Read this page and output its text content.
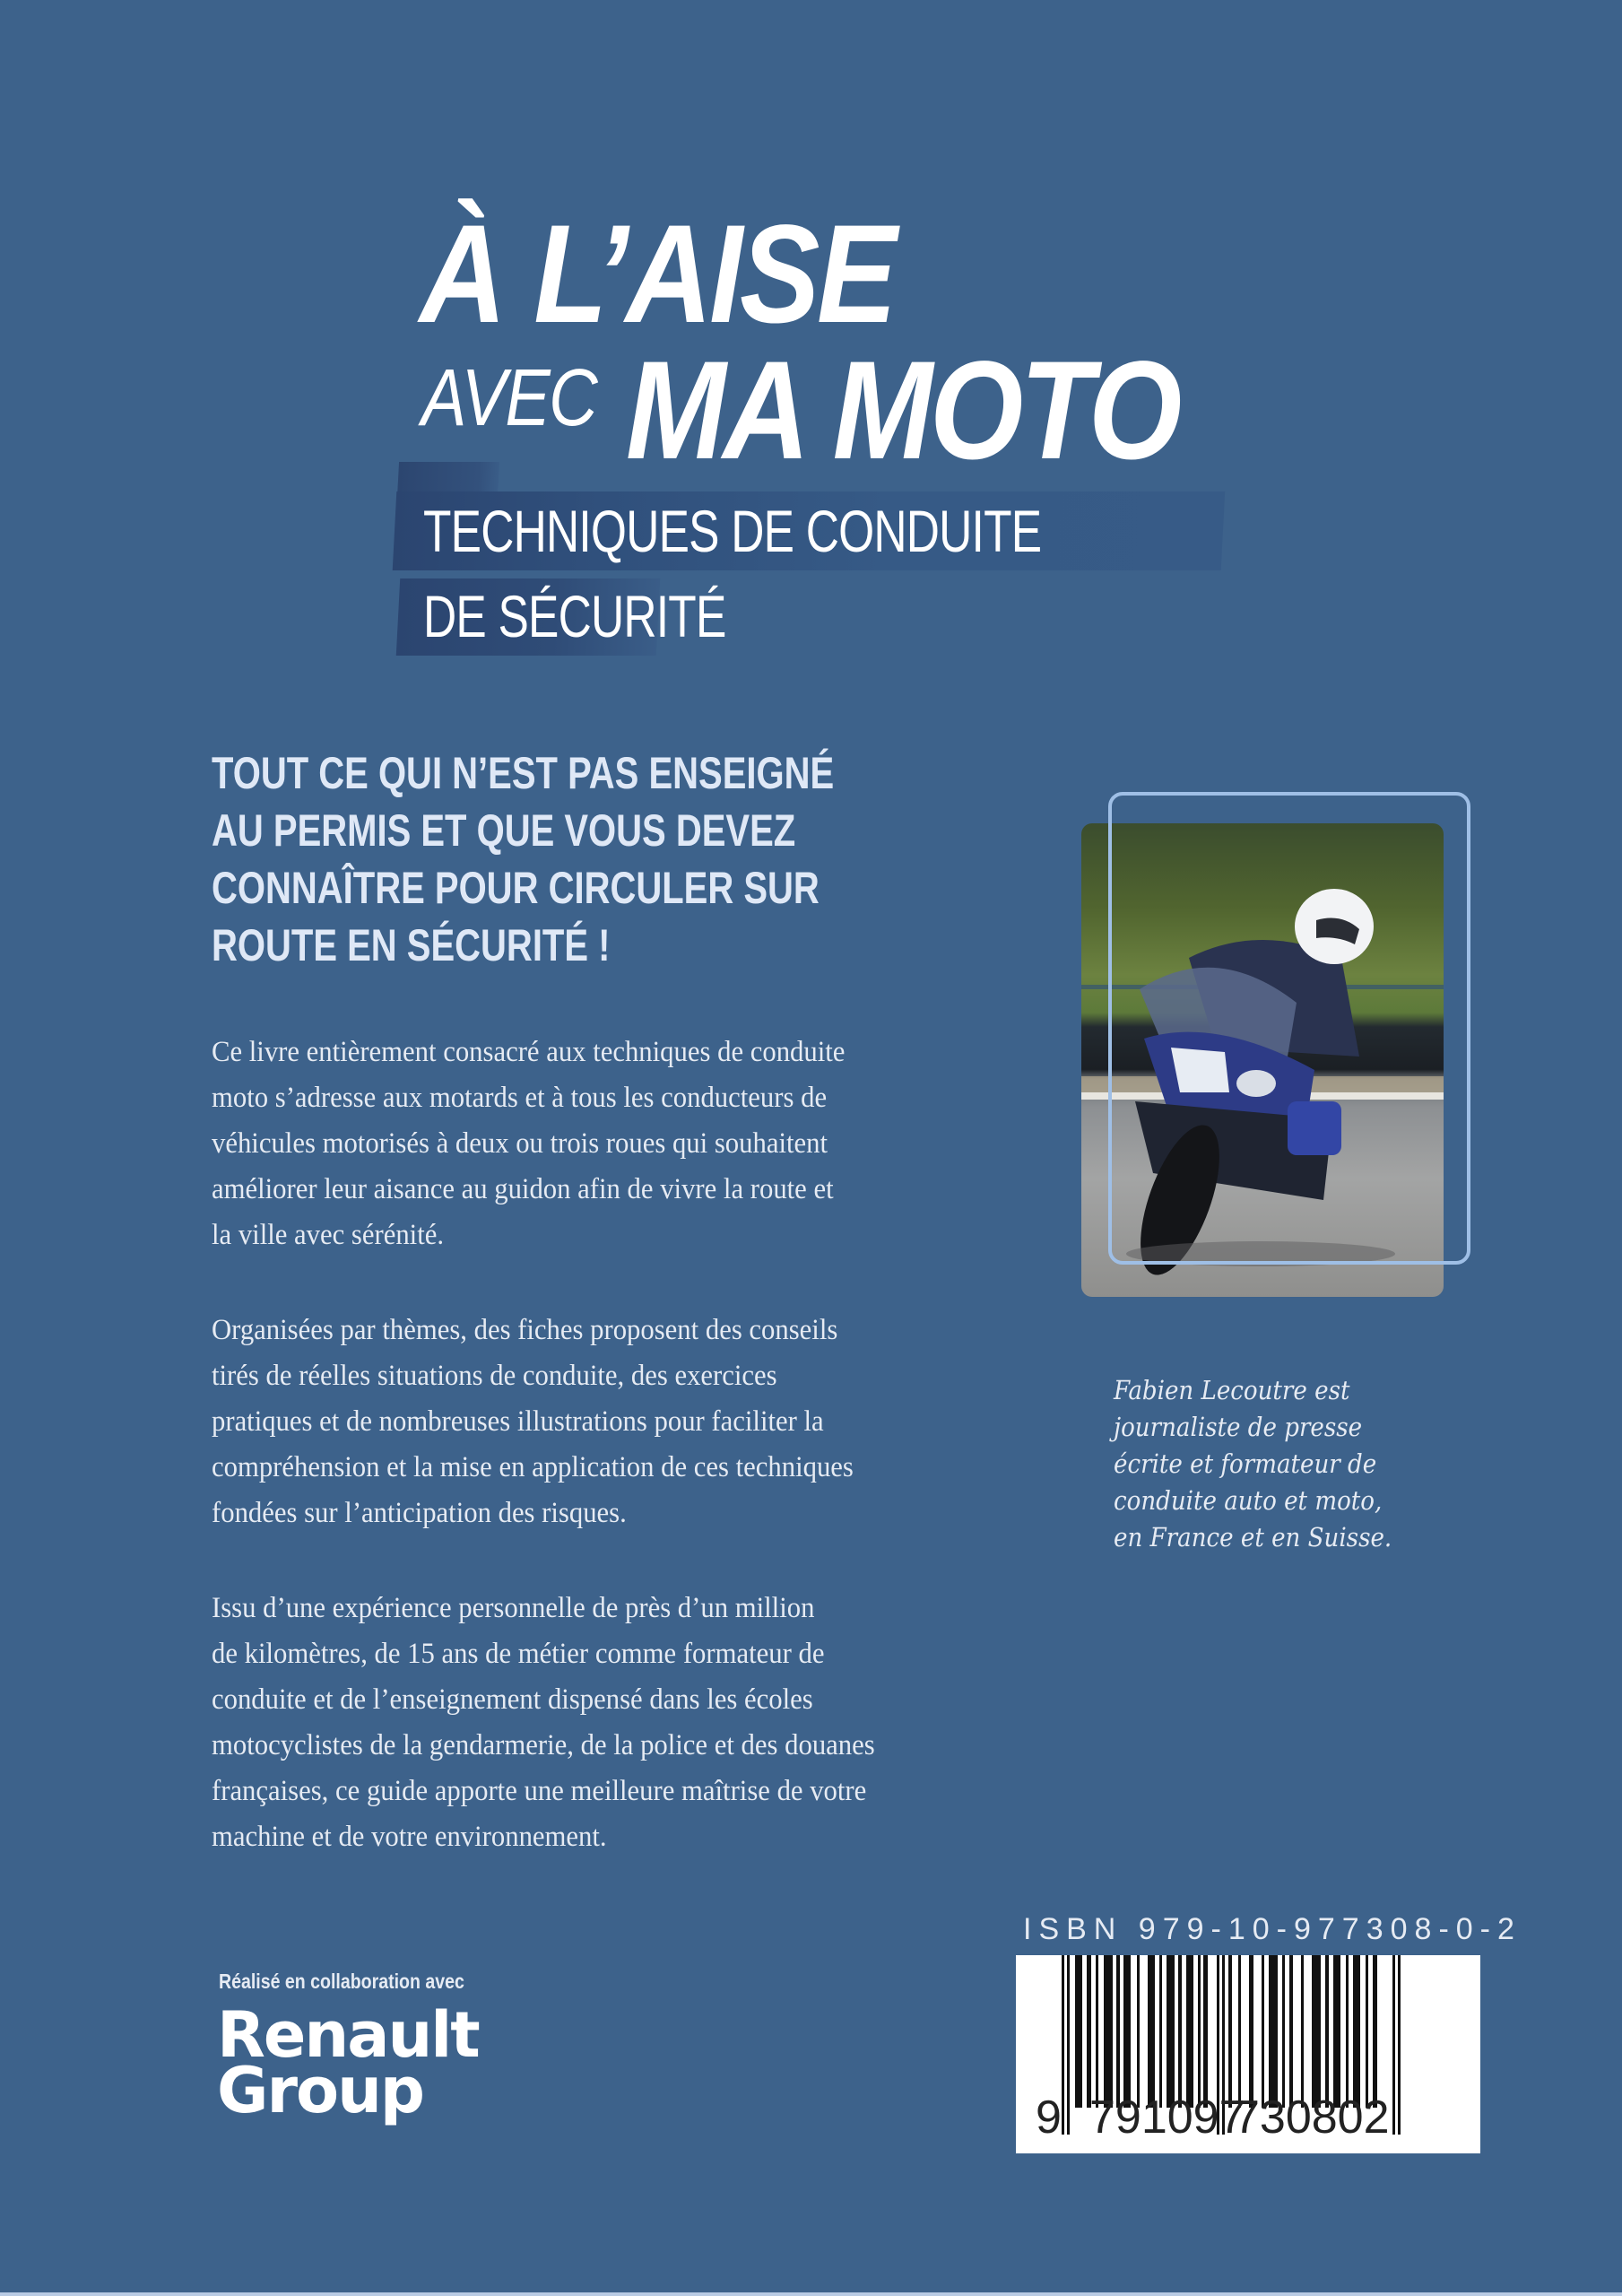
À L’AISE
AVEC MA MOTO
TECHNIQUES DE CONDUITE
DE SÉCURITÉ
TOUT CE QUI N’EST PAS ENSEIGNÉ
AU PERMIS ET QUE VOUS DEVEZ
CONNAÎTRE POUR CIRCULER SUR
ROUTE EN SÉCURITÉ !
Ce livre entièrement consacré aux techniques de conduite
moto s’adresse aux motards et à tous les conducteurs de
véhicules motorisés à deux ou trois roues qui souhaitent
améliorer leur aisance au guidon afin de vivre la route et
la ville avec sérénité.
Organisées par thèmes, des fiches proposent des conseils
tirés de réelles situations de conduite, des exercices
pratiques et de nombreuses illustrations pour faciliter la
compréhension et la mise en application de ces techniques
fondées sur l’anticipation des risques.
Issu d’une expérience personnelle de près d’un million
de kilomètres, de 15 ans de métier comme formateur de
conduite et de l’enseignement dispensé dans les écoles
motocyclistes de la gendarmerie, de la police et des douanes
françaises, ce guide apporte une meilleure maîtrise de votre
machine et de votre environnement.
Fabien Lecoutre est
journaliste de presse
écrite et formateur de
conduite auto et moto,
en France et en Suisse.
Réalisé en collaboration avec
Renault
Group
ISBN 979-10-977308-0-2
9 791097
730802
